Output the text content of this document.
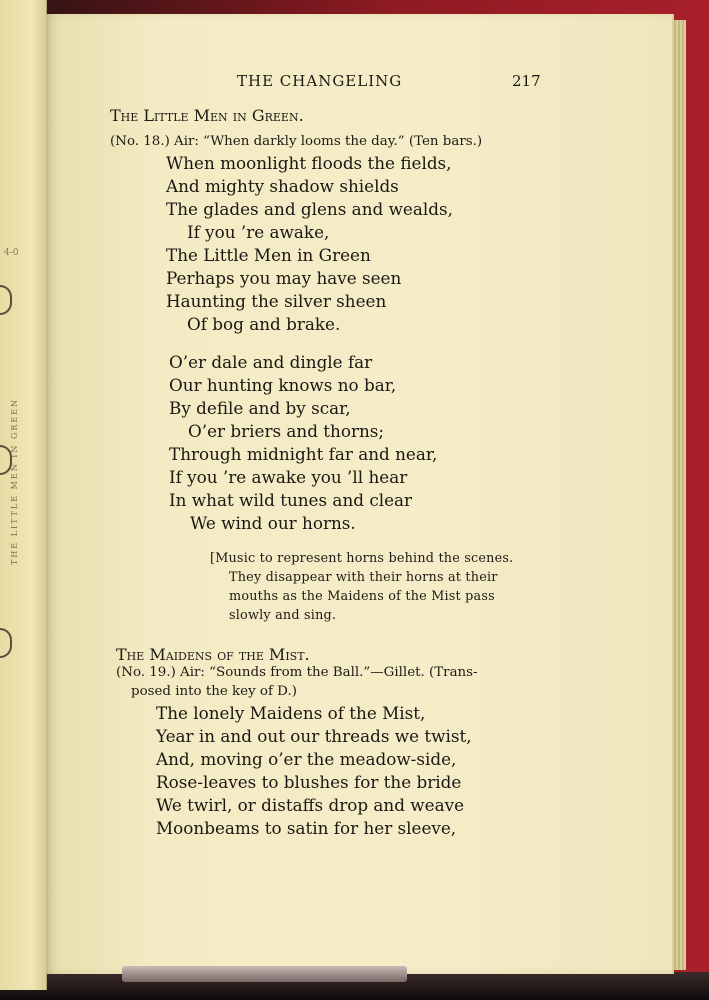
4-0
THE LITTLE MEN IN GREEN
THE CHANGELING	217
The Little Men in Green.
(No. 18.) Air: “When darkly looms the day.” (Ten bars.)
When moonlight floods the fields,
And mighty shadow shields
The glades and glens and wealds,
If you ’re awake,
The Little Men in Green
Perhaps you may have seen
Haunting the silver sheen
Of bog and brake.
O’er dale and dingle far
Our hunting knows no bar,
By defile and by scar,
O’er briers and thorns;
Through midnight far and near,
If you ’re awake you ’ll hear
In what wild tunes and clear
We wind our horns.
[Music to represent horns behind the scenes.
They disappear with their horns at their
mouths as the Maidens of the Mist pass
slowly and sing.
The Maidens of the Mist.
(No. 19.) Air: “Sounds from the Ball.”—Gillet. (Trans-
posed into the key of D.)
The lonely Maidens of the Mist,
Year in and out our threads we twist,
And, moving o’er the meadow-side,
Rose-leaves to blushes for the bride
We twirl, or distaffs drop and weave
Moonbeams to satin for her sleeve,
